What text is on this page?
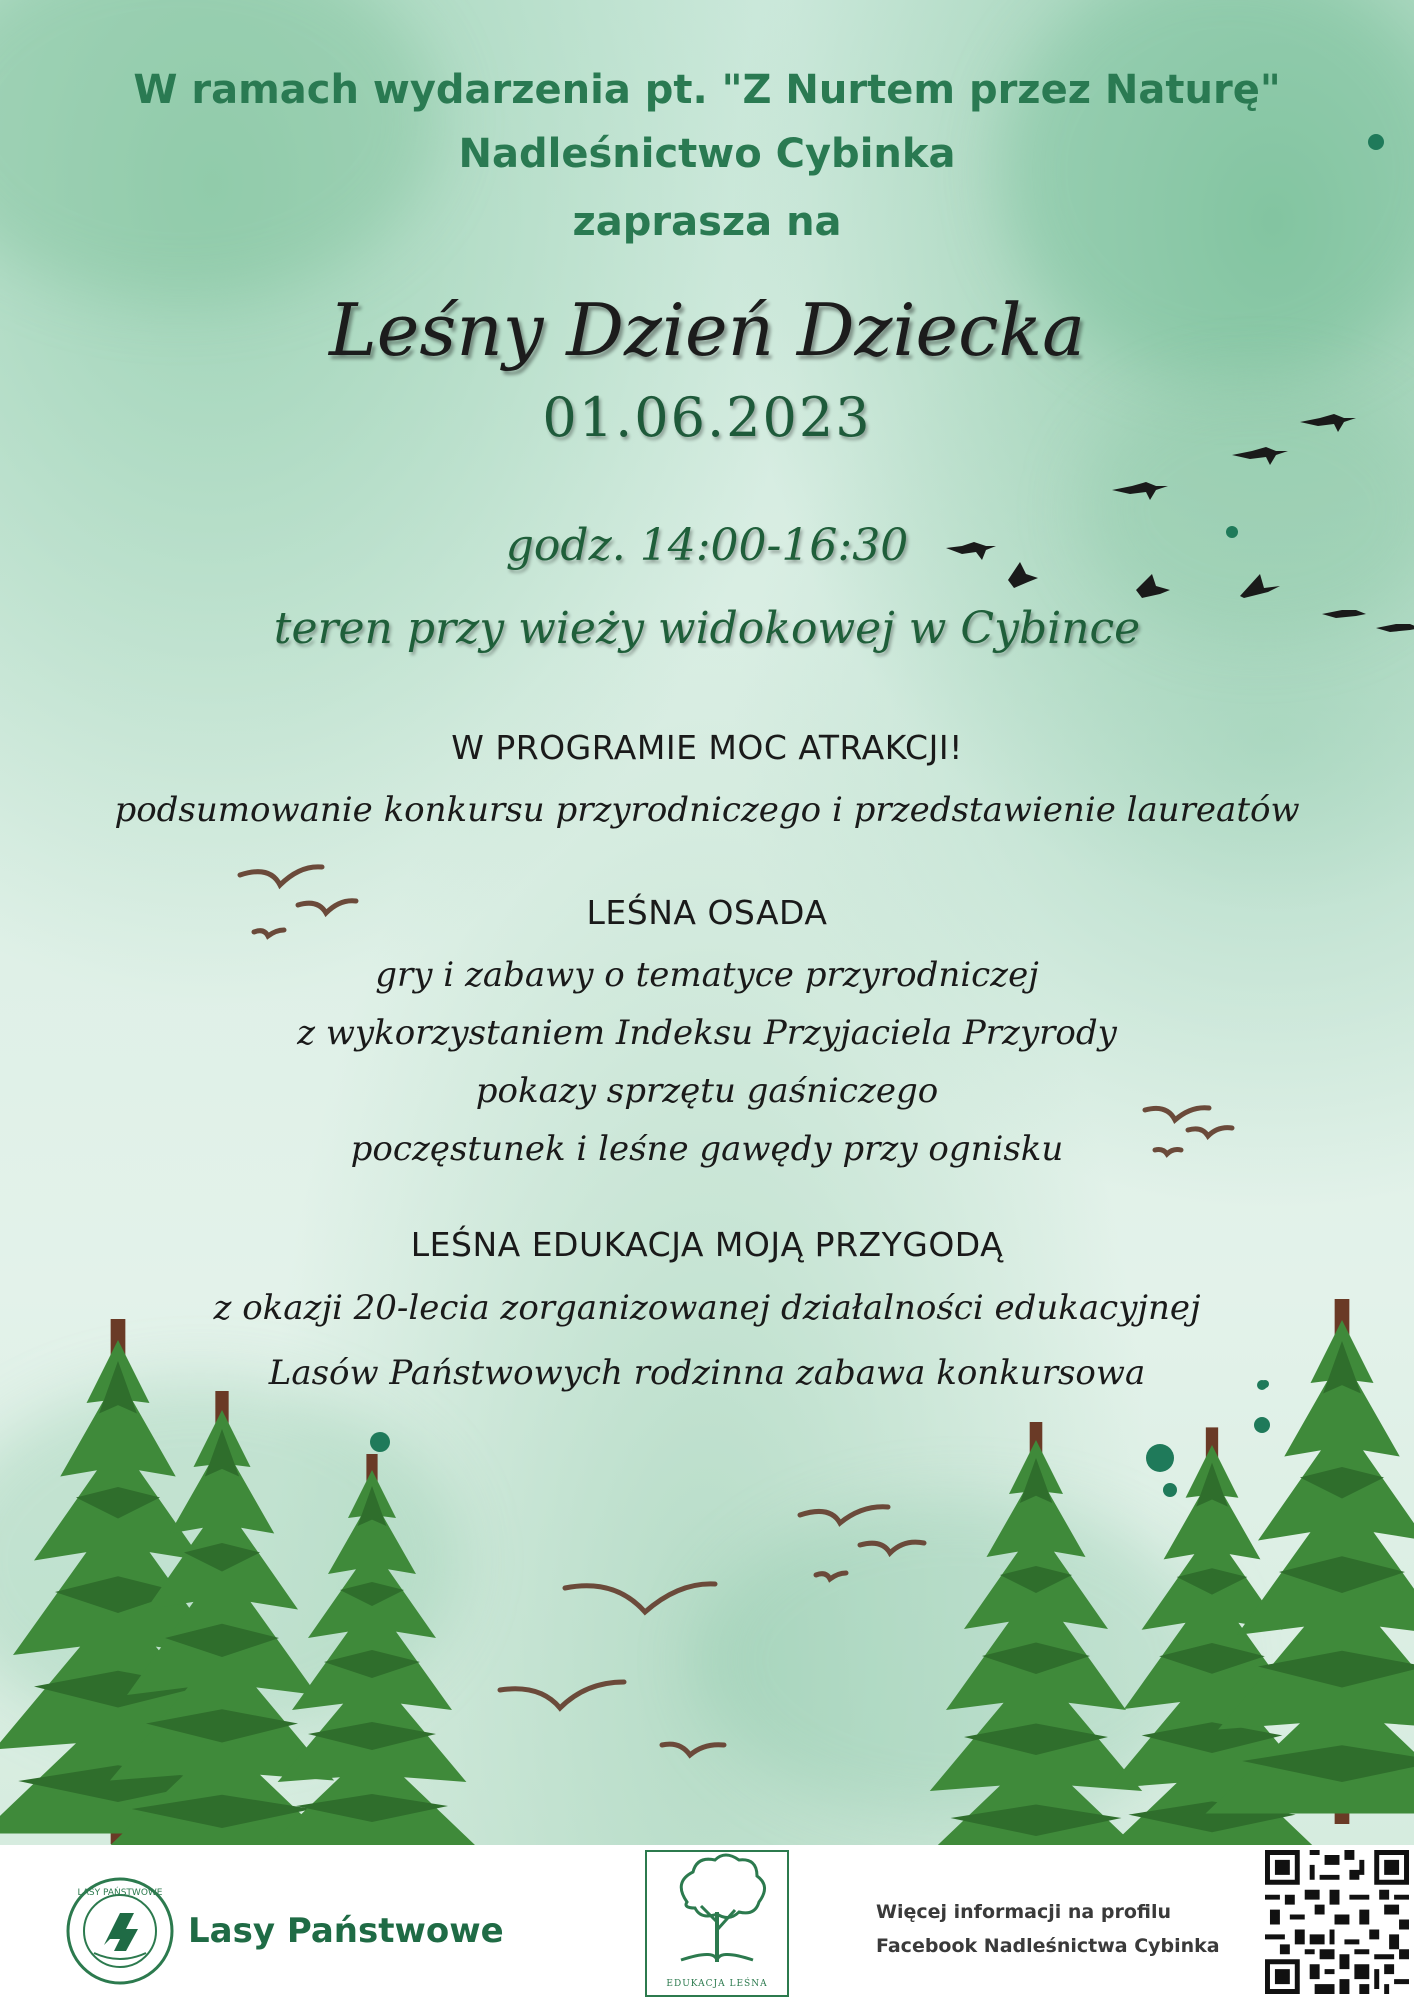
W ramach wydarzenia pt. "Z Nurtem przez Naturę"

Nadleśnictwo Cybinka

zaprasza na

Leśny Dzień Dziecka

01.06.2023

godz. 14:00-16:30

teren przy wieży widokowej w Cybince

W PROGRAMIE MOC ATRAKCJI!

podsumowanie konkursu przyrodniczego i przedstawienie laureatów

LEŚNA OSADA

gry i zabawy o tematyce przyrodniczej

z wykorzystaniem Indeksu Przyjaciela Przyrody

pokazy sprzętu gaśniczego

poczęstunek i leśne gawędy przy ognisku

LEŚNA EDUKACJA MOJĄ PRZYGODĄ

z okazji 20-lecia zorganizowanej działalności edukacyjnej

Lasów Państwowych rodzinna zabawa konkursowa

LASY PAŃSTWOWE
Lasy Państwowe
EDUKACJA LEŚNA
Więcej informacji na profilu
Facebook Nadleśnictwa Cybinka
